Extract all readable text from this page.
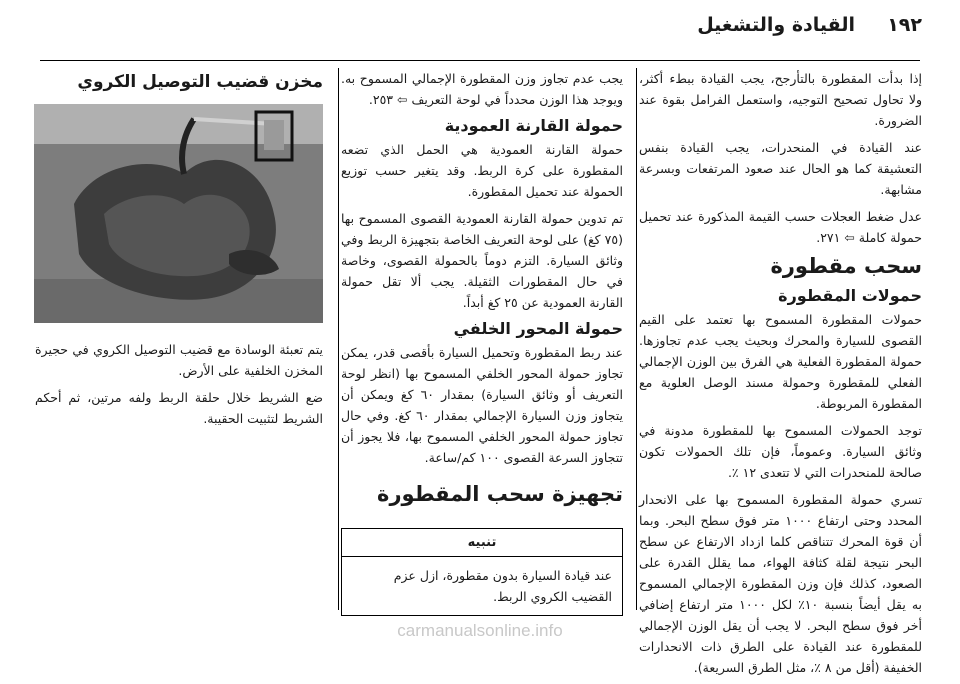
القيادة والتشغيل ١٩٢

إذا بدأت المقطورة بالتأرجح، يجب القيادة ببطء أكثر، ولا تحاول تصحيح التوجيه، واستعمل الفرامل بقوة عند الضرورة.

عند القيادة في المنحدرات، يجب القيادة بنفس التعشيقة كما هو الحال عند صعود المرتفعات وبسرعة مشابهة.

عدل ضغط العجلات حسب القيمة المذكورة عند تحميل حمولة كاملة ⇦ ٢٧١.

سحب مقطورة
حمولات المقطورة

حمولات المقطورة المسموح بها تعتمد على القيم القصوى للسيارة والمحرك وبحيث يجب عدم تجاوزها. حمولة المقطورة الفعلية هي الفرق بين الوزن الإجمالي الفعلي للمقطورة وحمولة مسند الوصل العلوية مع المقطورة المربوطة.

توجد الحمولات المسموح بها للمقطورة مدونة في وثائق السيارة. وعموماً، فإن تلك الحمولات تكون صالحة للمنحدرات التي لا تتعدى ١٢ ٪.

تسري حمولة المقطورة المسموح بها على الانحدار المحدد وحتى ارتفاع ١٠٠٠ متر فوق سطح البحر. وبما أن قوة المحرك تتناقص كلما ازداد الارتفاع عن سطح البحر نتيجة لقلة كثافة الهواء، مما يقلل القدرة على الصعود، كذلك فإن وزن المقطورة الإجمالي المسموح به يقل أيضاً بنسبة ١٠٪ لكل ١٠٠٠ متر ارتفاع إضافي أخر فوق سطح البحر. لا يجب أن يقل الوزن الإجمالي للمقطورة عند القيادة على الطرق ذات الانحدارات الخفيفة (أقل من ٨ ٪، مثل الطرق السريعة).

يجب عدم تجاوز وزن المقطورة الإجمالي المسموح به. ويوجد هذا الوزن محدداً في لوحة التعريف ⇦ ٢٥٣.

حمولة القارنة العمودية

حمولة القارنة العمودية هي الحمل الذي تضعه المقطورة على كرة الربط. وقد يتغير حسب توزيع الحمولة عند تحميل المقطورة.

تم تدوين حمولة القارنة العمودية القصوى المسموح بها (٧٥ كغ) على لوحة التعريف الخاصة بتجهيزة الربط وفي وثائق السيارة. التزم دوماً بالحمولة القصوى، وخاصة في حال المقطورات الثقيلة. يجب ألا تقل حمولة القارنة العمودية عن ٢٥ كغ أبداً.

حمولة المحور الخلفي

عند ربط المقطورة وتحميل السيارة بأقصى قدر، يمكن تجاوز حمولة المحور الخلفي المسموح بها (انظر لوحة التعريف أو وثائق السيارة) بمقدار ٦٠ كغ ويمكن أن يتجاوز وزن السيارة الإجمالي بمقدار ٦٠ كغ. وفي حال تجاوز حمولة المحور الخلفي المسموح بها، فلا يجوز أن تتجاوز السرعة القصوى ١٠٠ كم/ساعة.

تجهيزة سحب المقطورة
تنبيه
عند قيادة السيارة بدون مقطورة، ازل عزم القضيب الكروي الربط.
مخزن قضيب التوصيل الكروي

يتم تعبئة الوسادة مع قضيب التوصيل الكروي في حجيرة المخزن الخلفية على الأرض.

ضع الشريط خلال حلقة الربط ولفه مرتين، ثم أحكم الشريط لتثبيت الحقيبة.

carmanualsonline.info
